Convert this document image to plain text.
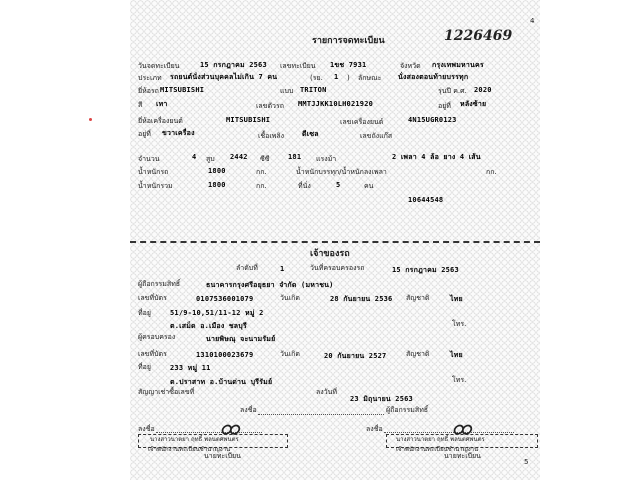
4
1226469
รายการจดทะเบียน
วันจดทะเบียน	15 กรกฎาคม 2563 เลขทะเบียน 1ขช 7931	จังหวัด กรุงเทพมหานคร
ประเภท รถยนต์นั่งส่วนบุคคลไม่เกิน 7 คน	(รย. 1 ) ลักษณะ นั่งสองตอนท้ายบรรทุก
ยี่ห้อรถ MITSUBISHI	แบบ TRITON	รุ่นปี ค.ศ. 2020
สี เทา	เลขตัวรถ MMTJJKK10LH021920	อยู่ที่ หลังซ้าย
ยี่ห้อเครื่องยนต์	MITSUBISHI	เลขเครื่องยนต์	4N15UGR0123
อยู่ที่ ขวาเครื่อง	เชื้อเพลิง	ดีเซล	เลขถังแก๊ส
จำนวน	4 สูบ 2442 ซีซี	181 แรงม้า	2 เพลา 4 ล้อ ยาง 4 เส้น
น้ำหนักรถ	1800	กก.	น้ำหนักบรรทุก/น้ำหนักลงเพลา	กก.
น้ำหนักรวม	1800	กก.	ที่นั่ง	5	คน
10644548
เจ้าของรถ
ลำดับที่	1	วันที่ครอบครองรถ	15 กรกฎาคม 2563
ผู้ถือกรรมสิทธิ์	ธนาคารกรุงศรีอยุธยา จำกัด (มหาชน)
เลขที่บัตร	0107536001079	วันเกิด	28 กันยายน 2536 สัญชาติ	ไทย
ที่อยู่	51/9-10,51/11-12 หมู่ 2
ต.เสม็ด อ.เมือง ชลบุรี	โทร.
ผู้ครอบครอง	นายพิษณุ จะนามรัมย์
เลขที่บัตร	1310100023679	วันเกิด	20 กันยายน 2527	สัญชาติ	ไทย
ที่อยู่	233 หมู่ 11
ต.ปราสาท อ.บ้านด่าน บุรีรัมย์	โทร.
สัญญาเช่าซื้อเลขที่	ลงวันที่
23 มิถุนายน 2563
ลงชื่อ	ผู้ถือกรรมสิทธิ์
ลงชื่อ	ထ
นางสาวนาตยา ฤทธิ์ พลนตศพนตร
เจ้าพนักงานทะเบียนชำนาญงาน
นายทะเบียน
ลงชื่อ	ထ
นางสาวนาตยา ฤทธิ์ พลนตศพนตร
เจ้าพนักงานทะเบียนชำนาญงาน
นายทะเบียน
5
